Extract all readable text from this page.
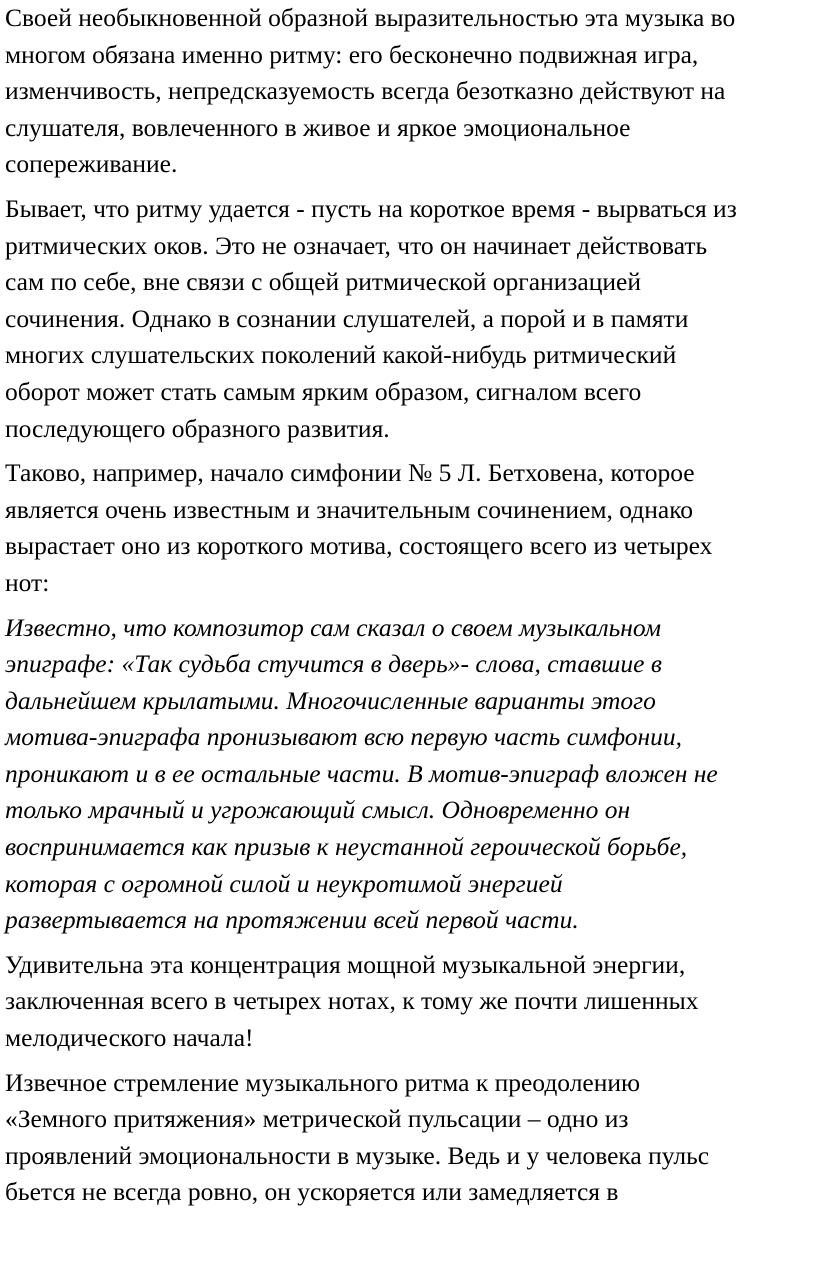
Своей необыкновенной образной выразительностью эта музыка во
многом обязана именно ритму: его бесконечно подвижная игра,
изменчивость, непредсказуемость всегда безотказно действуют на
слушателя, вовлеченного в живое и яркое эмоциональное
сопереживание.

Бывает, что ритму удается - пусть на короткое время - вырваться из
ритмических оков. Это не означает, что он начинает действовать
сам по себе, вне связи с общей ритмической организацией
сочинения. Однако в сознании слушателей, а порой и в памяти
многих слушательских поколений какой-нибудь ритмический
оборот может стать самым ярким образом, сигналом всего
последующего образного развития.

Таково, например, начало симфонии № 5 Л. Бетховена, которое
является очень известным и значительным сочинением, однако
вырастает оно из короткого мотива, состоящего всего из четырех
нот:

Известно, что композитор сам сказал о своем музыкальном
эпиграфе: «Так судьба стучится в дверь»- слова, ставшие в
дальнейшем крылатыми. Многочисленные варианты этого
мотива-эпиграфа пронизывают всю первую часть симфонии,
проникают и в ее остальные части. В мотив-эпиграф вложен не
только мрачный и угрожающий смысл. Одновременно он
воспринимается как призыв к неустанной героической борьбе,
которая с огромной силой и неукротимой энергией
развертывается на протяжении всей первой части.

Удивительна эта концентрация мощной музыкальной энергии,
заключенная всего в четырех нотах, к тому же почти лишенных
мелодического начала!

Извечное стремление музыкального ритма к преодолению
«Земного притяжения» метрической пульсации – одно из
проявлений эмоциональности в музыке. Ведь и у человека пульс
бьется не всегда ровно, он ускоряется или замедляется в
